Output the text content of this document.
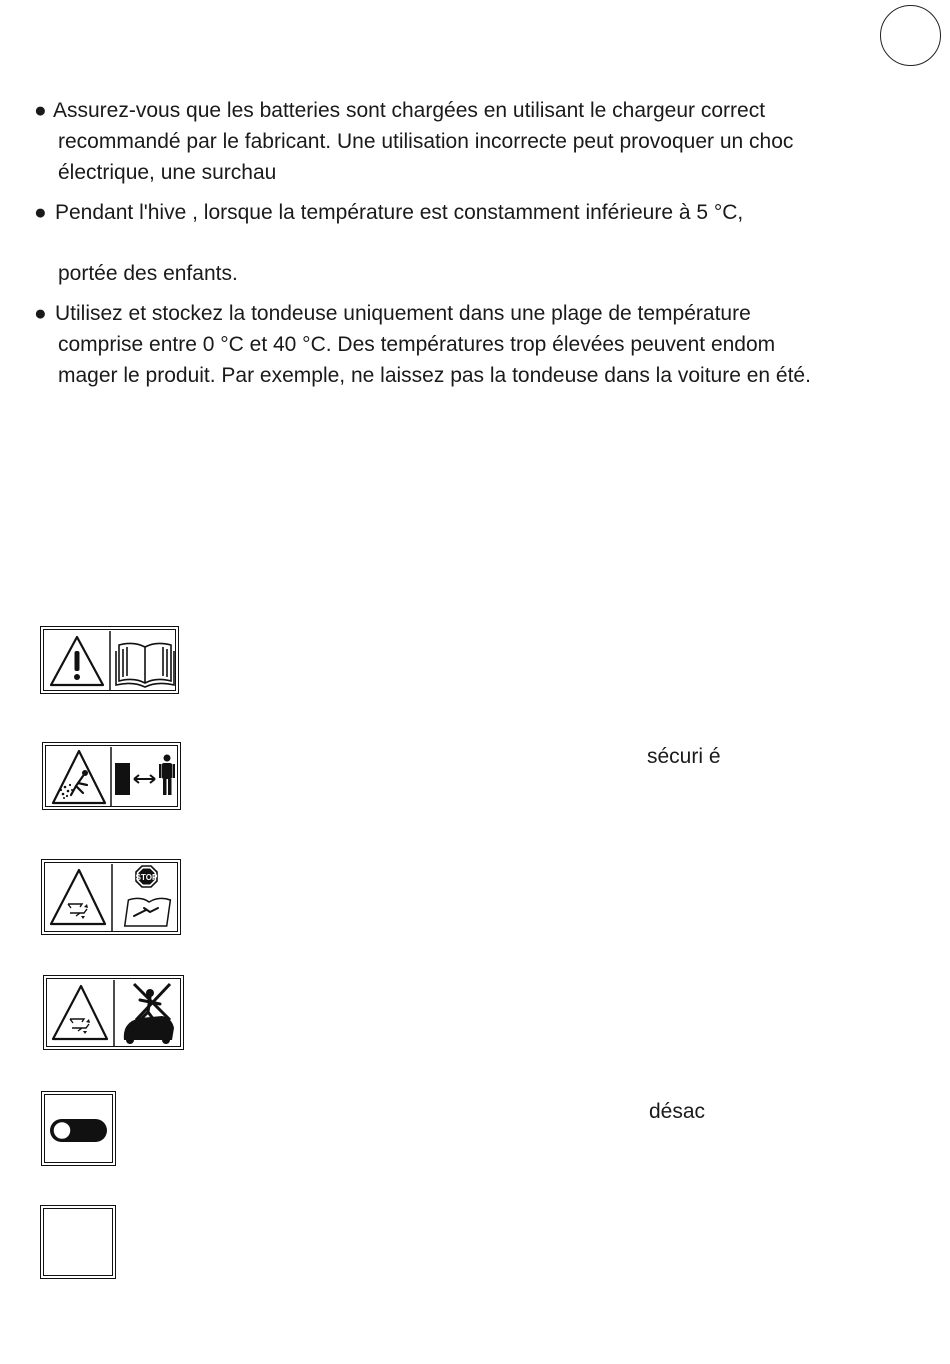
● Assurez-vous que les batteries sont chargées en utilisant le chargeur correct
recommandé par le fabricant. Une utilisation incorrecte peut provoquer un choc
électrique, une surchau
● Pendant l'hive , lorsque la température est constamment inférieure à 5 °C,
portée des enfants.
● Utilisez et stockez la tondeuse uniquement dans une plage de température
comprise entre 0 °C et 40 °C. Des températures trop élevées peuvent endom
mager le produit. Par exemple, ne laissez pas la tondeuse dans la voiture en été.
sécuri é
STOP
désac
